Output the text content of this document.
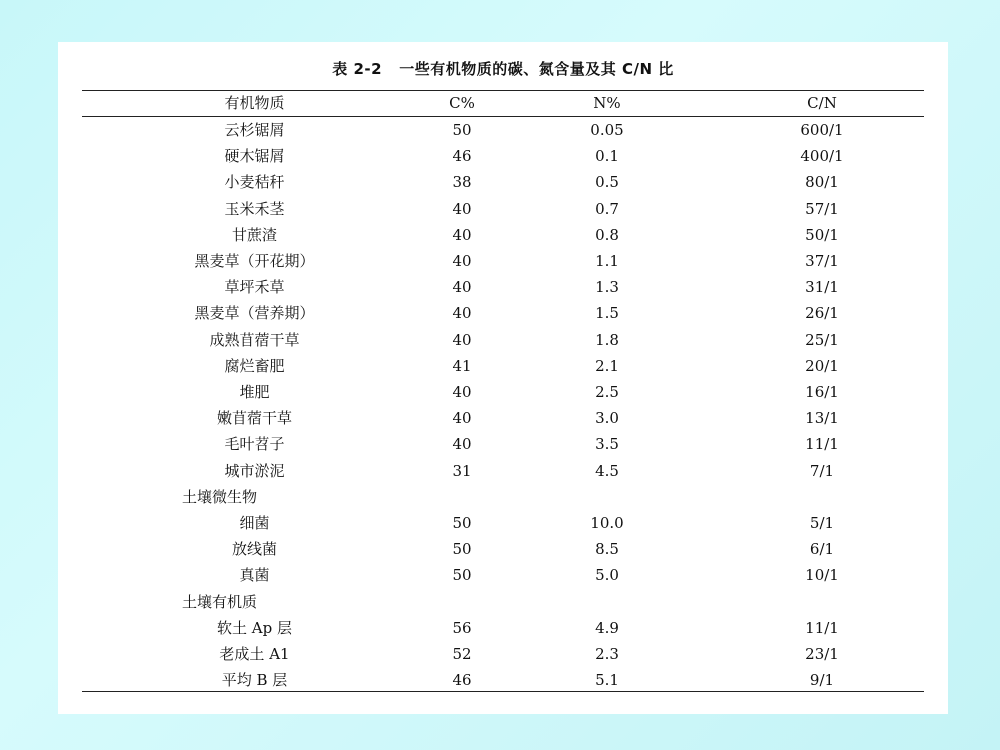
表 2-2   一些有机物质的碳、氮含量及其 C/N 比
有机物质	C%	N%	C/N
云杉锯屑	50	0.05	600/1
硬木锯屑	46	0.1	400/1
小麦秸秆	38	0.5	80/1
玉米禾茎	40	0.7	57/1
甘蔗渣	40	0.8	50/1
黑麦草（开花期）	40	1.1	37/1
草坪禾草	40	1.3	31/1
黑麦草（营养期）	40	1.5	26/1
成熟苜蓿干草	40	1.8	25/1
腐烂畜肥	41	2.1	20/1
堆肥	40	2.5	16/1
嫩苜蓿干草	40	3.0	13/1
毛叶苕子	40	3.5	11/1
城市淤泥	31	4.5	7/1
土壤微生物
细菌	50	10.0	5/1
放线菌	50	8.5	6/1
真菌	50	5.0	10/1
土壤有机质
软土 Ap 层	56	4.9	11/1
老成土 A1	52	2.3	23/1
平均 B 层	46	5.1	9/1
